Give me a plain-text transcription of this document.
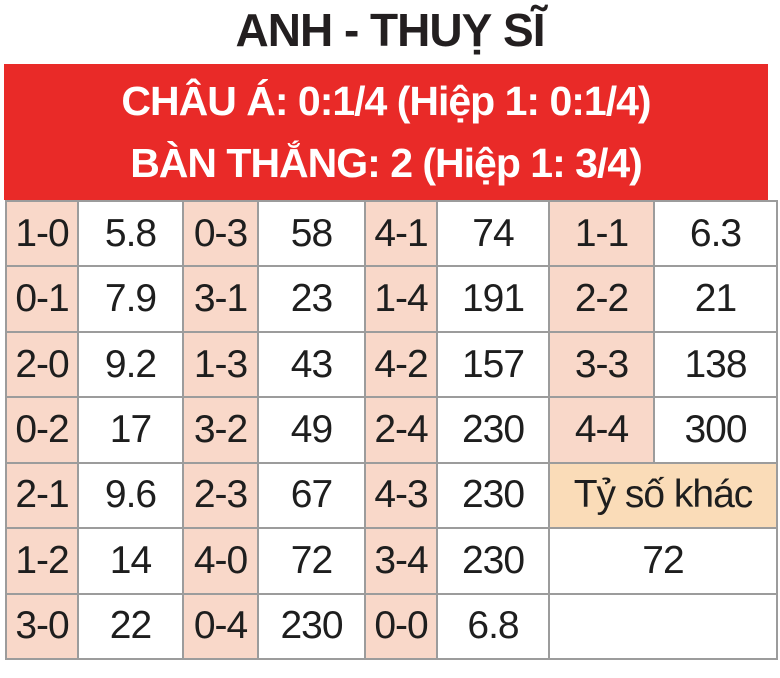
ANH - THUỴ SĨ
CHÂU Á: 0:1/4 (Hiệp 1: 0:1/4)
BÀN THẮNG: 2 (Hiệp 1: 3/4)
1-0	5.8	0-3	58	4-1	74	1-1	6.3
0-1	7.9	3-1	23	1-4	191	2-2	21
2-0	9.2	1-3	43	4-2	157	3-3	138
0-2	17	3-2	49	2-4	230	4-4	300
2-1	9.6	2-3	67	4-3	230	Tỷ số khác	
1-2	14	4-0	72	3-4	230	72	
3-0	22	0-4	230	0-0	6.8		
